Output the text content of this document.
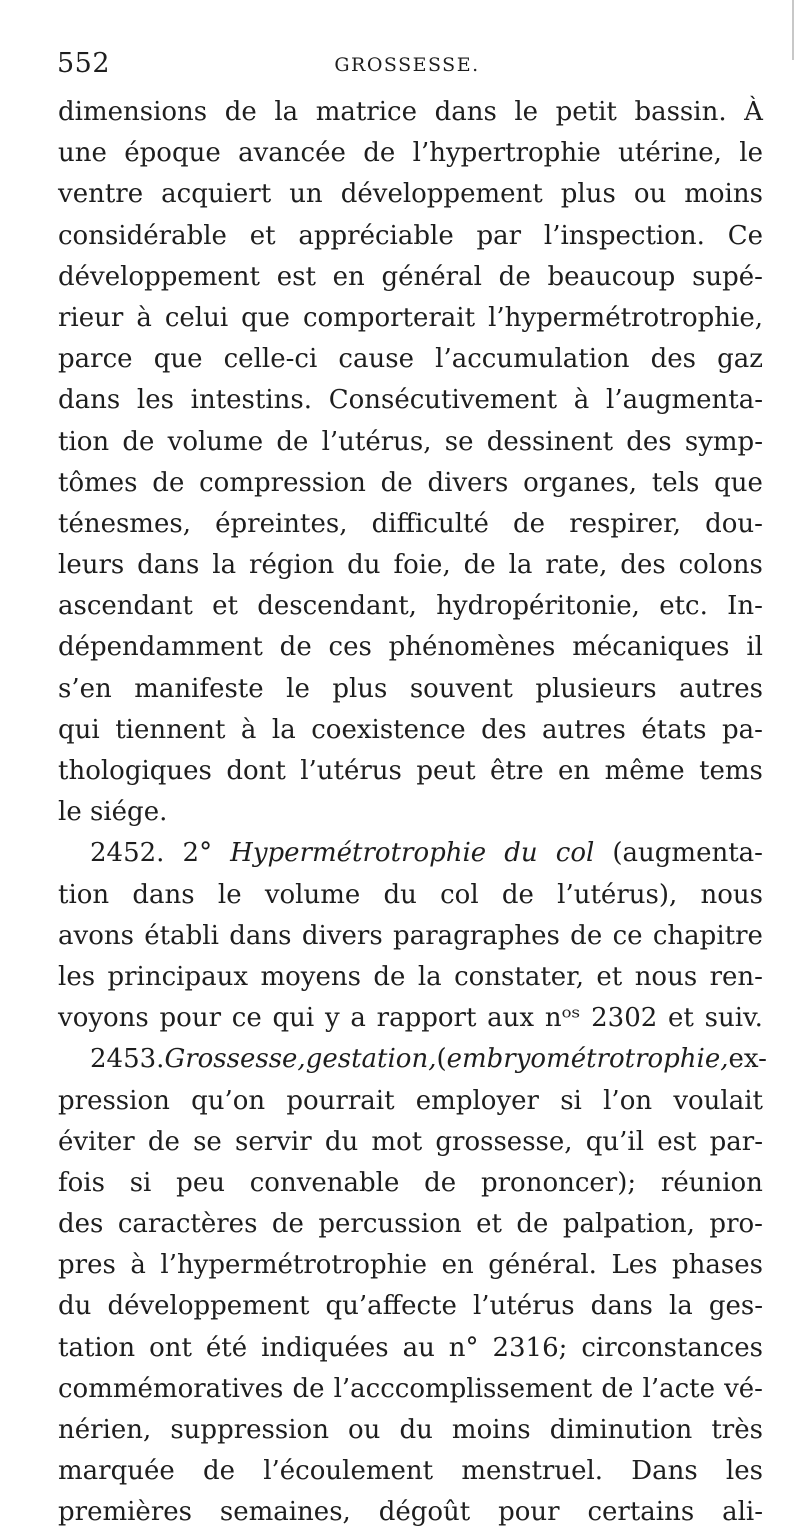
552	GROSSESSE.
dimensions de la matrice dans le petit bassin. À
une époque avancée de l’hypertrophie utérine, le
ventre acquiert un développement plus ou moins
considérable et appréciable par l’inspection. Ce
développement est en général de beaucoup supé-
rieur à celui que comporterait l’hypermétrotrophie,
parce que celle-ci cause l’accumulation des gaz
dans les intestins. Consécutivement à l’augmenta-
tion de volume de l’utérus, se dessinent des symp-
tômes de compression de divers organes, tels que
ténesmes, épreintes, difficulté de respirer, dou-
leurs dans la région du foie, de la rate, des colons
ascendant et descendant, hydropéritonie, etc. In-
dépendamment de ces phénomènes mécaniques il
s’en manifeste le plus souvent plusieurs autres
qui tiennent à la coexistence des autres états pa-
thologiques dont l’utérus peut être en même tems
le siége.
2452. 2° Hypermétrotrophie du col (augmenta-
tion dans le volume du col de l’utérus), nous
avons établi dans divers paragraphes de ce chapitre
les principaux moyens de la constater, et nous ren-
voyons pour ce qui y a rapport aux nᵒˢ 2302 et suiv.
2453. Grossesse, gestation, (embryométrotrophie, ex-
pression qu’on pourrait employer si l’on voulait
éviter de se servir du mot grossesse, qu’il est par-
fois si peu convenable de prononcer); réunion
des caractères de percussion et de palpation, pro-
pres à l’hypermétrotrophie en général. Les phases
du développement qu’affecte l’utérus dans la ges-
tation ont été indiquées au n° 2316; circonstances
commémoratives de l’acccomplissement de l’acte vé-
nérien, suppression ou du moins diminution très
marquée de l’écoulement menstruel. Dans les
premières semaines, dégoût pour certains ali-
